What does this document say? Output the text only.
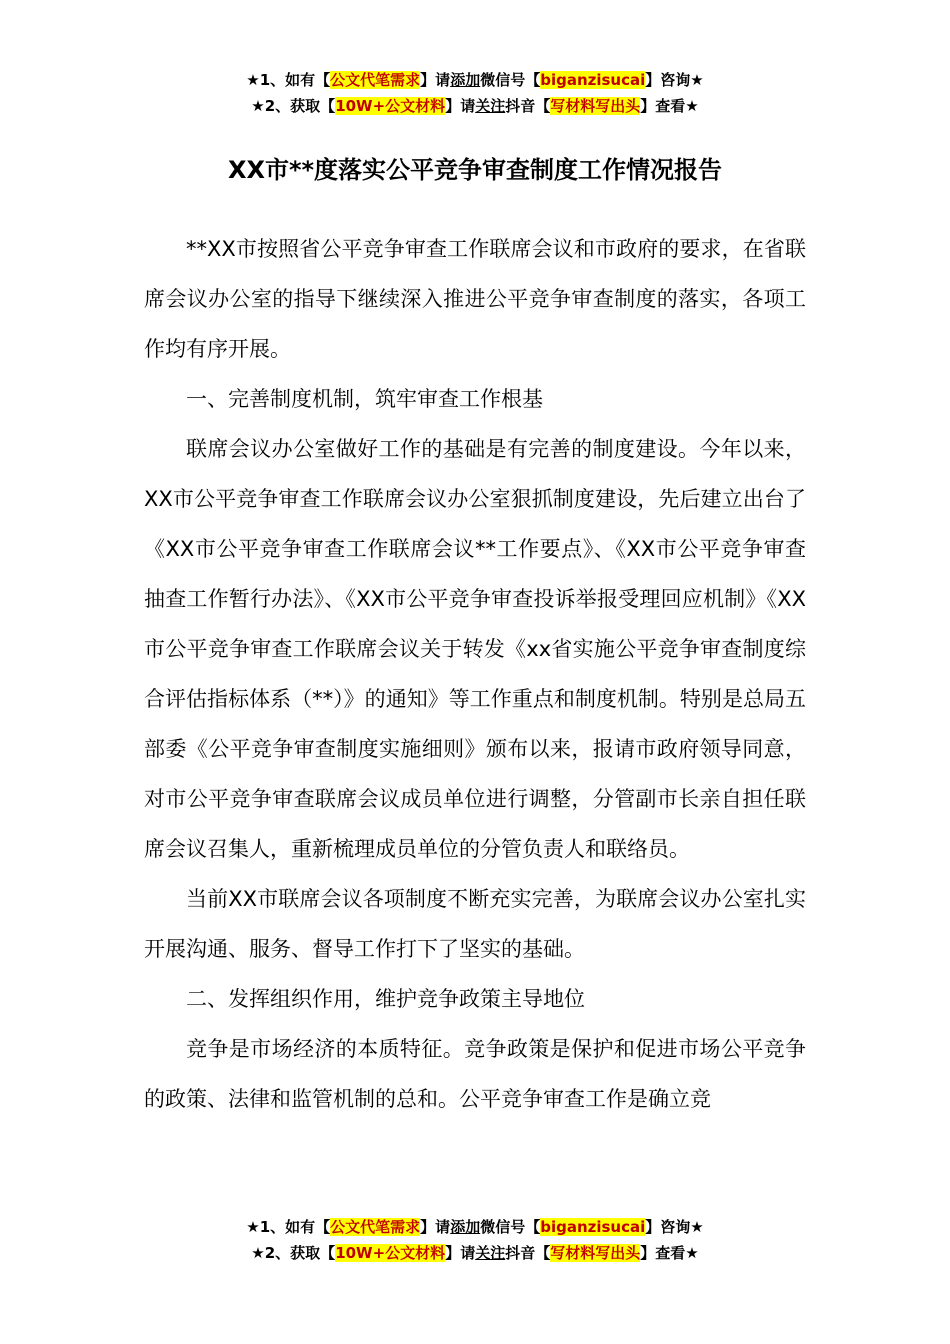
★1、如有【公文代笔需求】请添加微信号【biganzisucai】咨询★
★2、获取【10W+公文材料】请关注抖音【写材料写出头】查看★
XX市**度落实公平竞争审查制度工作情况报告

**XX市按照省公平竞争审查工作联席会议和市政府的要求，在省联席会议办公室的指导下继续深入推进公平竞争审查制度的落实，各项工作均有序开展。

一、完善制度机制，筑牢审查工作根基

联席会议办公室做好工作的基础是有完善的制度建设。今年以来，XX市公平竞争审查工作联席会议办公室狠抓制度建设，先后建立出台了《XX市公平竞争审查工作联席会议**工作要点》、《XX市公平竞争审查抽查工作暂行办法》、《XX市公平竞争审查投诉举报受理回应机制》《XX市公平竞争审查工作联席会议关于转发《xx省实施公平竞争审查制度综合评估指标体系（**）》的通知》等工作重点和制度机制。特别是总局五部委《公平竞争审查制度实施细则》颁布以来，报请市政府领导同意，对市公平竞争审查联席会议成员单位进行调整，分管副市长亲自担任联席会议召集人，重新梳理成员单位的分管负责人和联络员。

当前XX市联席会议各项制度不断充实完善，为联席会议办公室扎实开展沟通、服务、督导工作打下了坚实的基础。

二、发挥组织作用，维护竞争政策主导地位

竞争是市场经济的本质特征。竞争政策是保护和促进市场公平竞争的政策、法律和监管机制的总和。公平竞争审查工作是确立竞

★1、如有【公文代笔需求】请添加微信号【biganzisucai】咨询★
★2、获取【10W+公文材料】请关注抖音【写材料写出头】查看★
